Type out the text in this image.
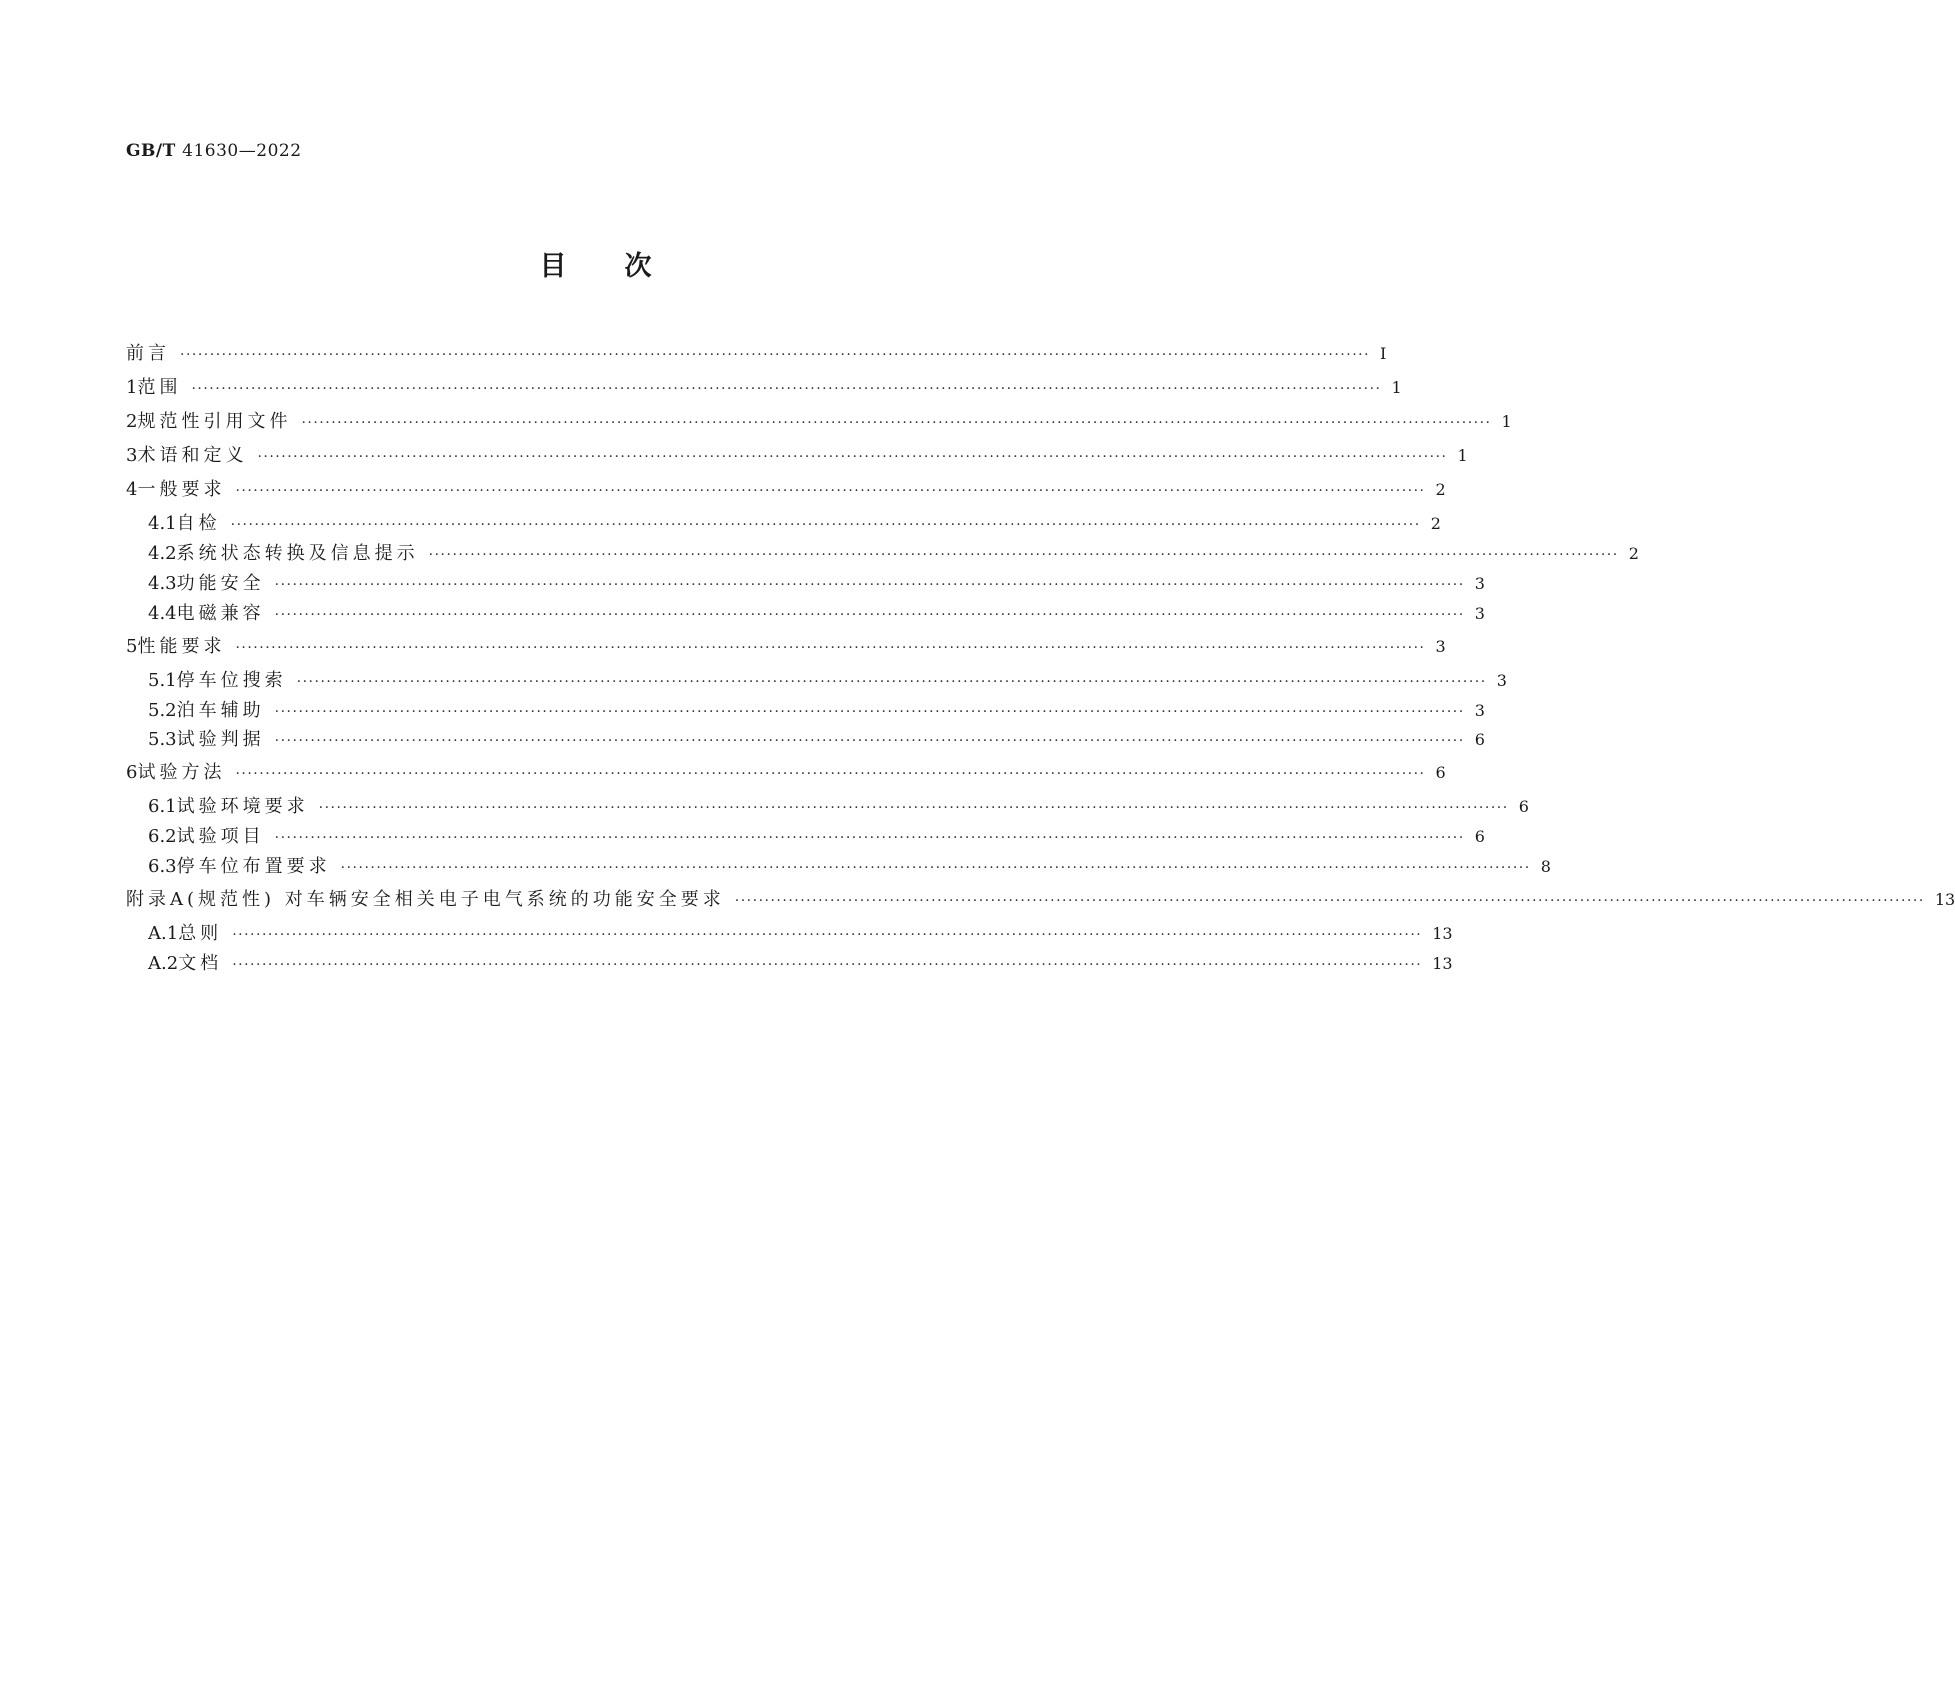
GB/T 41630—2022
目次
前言 ········································································································································································································ Ⅰ
1 范围 ········································································································································································································ 1
2 规范性引用文件 ········································································································································································································ 1
3 术语和定义 ········································································································································································································ 1
4 一般要求 ········································································································································································································ 2
4.1 自检 ········································································································································································································ 2
4.2 系统状态转换及信息提示 ········································································································································································································ 2
4.3 功能安全 ········································································································································································································ 3
4.4 电磁兼容 ········································································································································································································ 3
5 性能要求 ········································································································································································································ 3
5.1 停车位搜索 ········································································································································································································ 3
5.2 泊车辅助 ········································································································································································································ 3
5.3 试验判据 ········································································································································································································ 6
6 试验方法 ········································································································································································································ 6
6.1 试验环境要求 ········································································································································································································ 6
6.2 试验项目 ········································································································································································································ 6
6.3 停车位布置要求 ········································································································································································································ 8
附录A(规范性) 对车辆安全相关电子电气系统的功能安全要求 ········································································································································································································ 13
A.1 总则 ········································································································································································································ 13
A.2 文档 ········································································································································································································ 13
